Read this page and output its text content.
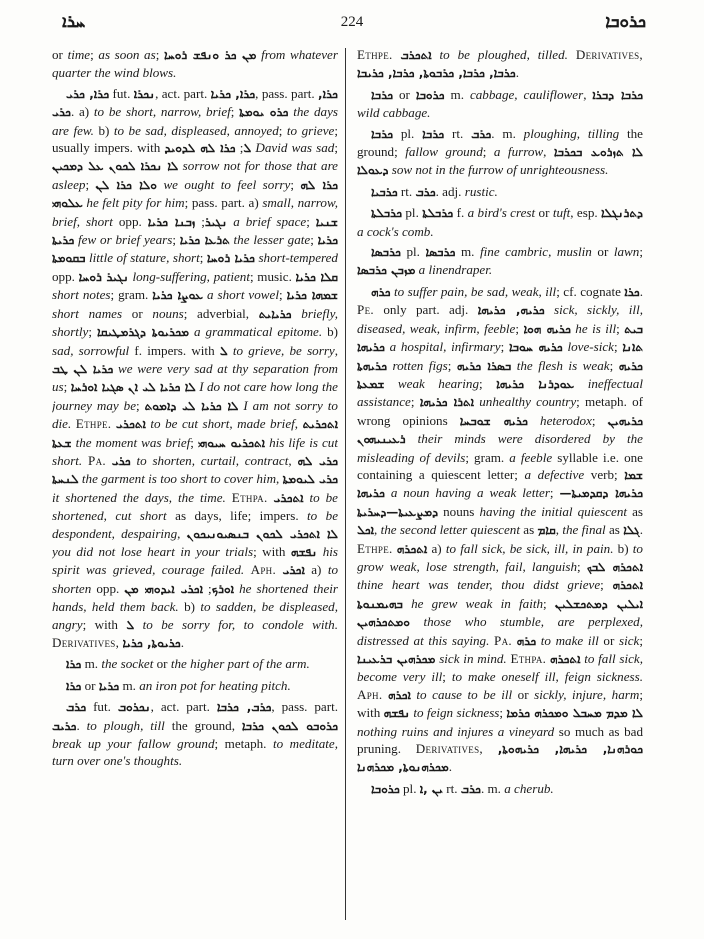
ܚܪܐ	224	ܟܪܘܒܐ

or time; as soon as; ܡܢ ܟܪ ܘܢܦܫ ܪܘܚܐ from whatever quarter the wind blows.

ܟܪܐ, ܟܪܝ fut. ܢܟܪܐ, act. part. ܟܪܐ, ܟܪܝܐ, pass. part. ܟܪܐ, ܟܪܝ. a) to be short, narrow, brief; ܟܪܘ ܝܘܡܬܐ the days are few. b) to be sad, displeased, annoyed; to grieve; usually impers. with	ܠ; ܟܪܐ ܠܗ ܠܕܘܝܕ David was sad; ܠܐ ܢܟܪܐ ܠܟܘܢ ܥܠ ܕܡܟܝܢ sorrow not for those that are asleep; ܘܠܐ ܟܪܐ ܠܢ we ought to feel sorry; ܟܪܐ ܠܗ ܥܠܘܗܝ he felt pity for him; pass. part. a) small, narrow, brief, short opp.	ܢܓܝܪ; ܙܒܢܐ ܟܪܝܐ	a brief space; ܫܢܝܐ ܟܪܝܬܐ few or brief years; ܬܪܥܐ ܟܪܝܐ the lesser gate; ܟܪܝܐ ܒܩܘܡܬܐ little of stature, short; ܟܪܝܐ ܪܘܚܐ short-tempered opp. ܢܓܝܪ ܪܘܚܐ long-suffering, patient; music. ܩܠܐ ܟܪܝܐ short notes; gram. ܥܘܨܐ ܟܪܝܐ a short vowel; ܫܡܗܐ ܟܪܝܐ short names or nouns; adverbial, ܟܪܝܐܝܬ briefly, shortly; ܡܟܪܝܘܬܐ ܕܓܪܡܛܝܩܐ a grammatical epitome. b) sad, sorrowful f. impers. with ܠ to grieve, be sorry, ܟܪܝܐ ܠܢ ܛܒ we were very sad at thy separation from us; ܠܐ ܟܪܝܐ ܠܝ ܐܢ ܣܓܝܐ ܐܘܪܚܐ I do not care how long the journey may be; ܠܐ ܟܪܝܐ ܠܝ ܕܐܡܘܬ I am not sorry to die. Ethpe. ܐܬܟܪܝ to be cut short, made brief, ܐܬܟܪܝܬ ܫܥܬܐ the moment was brief; ܐܬܟܪܝܘ ܚܝܘܗܝ his life is cut short. Pa. ܟܪܝ to shorten, curtail, contract, ܟܪܝ ܠܗ ܠܢܚܬܐ the garment is too short to cover him, ܟܪܝ ܠܝܘܡܬܐ it shortened the days, the time. Ethpa. ܐܬܟܪܝ to be shortened, cut short as days, life; impers. to be despondent, despairing, ܠܐ ܐܬܟܪܝ ܠܟܘܢ ܒܢܣܝܘܢܝܟܘܢ you did not lose heart in your trials; with ܢܦܫܗ his spirit was grieved, courage failed. Aph. ܐܟܪܝ a) to shorten opp.	ܐܘܪܟ; ܐܟܪܝ ܐܝܕܘܗܝ ܡܢ	he shortened their hands, held them back. b) to sadden, be displeased, angry; with ܠ to be sorry for, to condole with. Derivatives, ܟܪܝܘܬܐ, ܟܪܝܐ.

ܟܪܐ m. the socket or the higher part of the arm.

ܟܪܐ or ܟܪܝܐ m. an iron pot for heating pitch.

ܟܪܒ fut. ܢܟܪܘܒ, act. part. ܟܪܒ, ܟܪܒܐ, pass. part. ܟܪܝܒ. to plough, till the ground, ܟܪܘܒܘ ܠܟܘܢ ܟܪܒܐ break up your fallow ground; metaph. to meditate, turn over one's thoughts.

Ethpe. ܐܬܟܪܒ to be ploughed, tilled. Derivatives, ܟܪܒܐ, ܟܪܒܐ, ܟܪܒܘܬܐ, ܟܪܒܐ, ܟܪܝܒܐ.

ܟܪܒܐ or ܟܪܘܒܐ m. cabbage, cauliflower, ܟܪܒܐ ܕܒܪܐ wild cabbage.

ܟܪܒܐ pl. ܟܪܒܐ rt. ܟܪܒ. m. ploughing, tilling the ground; fallow ground; a furrow, ܠܐ ܬܙܪܘܥ ܒܟܪܒܐ ܕܥܘܠܐ sow not in the furrow of unrighteousness.

ܟܪܒܝܐ rt. ܟܪܒ. adj. rustic.

ܟܪܒܠܬܐ pl. ܟܪܒܠܬܐ f. a bird's crest or tuft, esp. ܕܬܪܢܓܠܐ a cock's comb.

ܟܪܒܣܐ pl. ܟܪܒܣܐ m. fine cambric, muslin or lawn; ܡܙܒܢ ܟܪܒܣܐ a linendraper.

ܟܪܗ to suffer pain, be sad, weak, ill; cf. cognate ܟܪܐ. Pe. only part. adj. ܟܪܝܗ, ܟܪܝܗܐ sick, sickly, ill, diseased, weak, infirm, feeble; ܟܪܝܗ ܗܘܐ he is ill; ܒܝܬ ܟܪܝܗܐ a hospital, infirmary; ܟܪܝܗ ܚܘܒܐ love-sick; ܬܐܢܐ ܟܪܝܗܬܐ rotten figs; ܒܣܪܐ ܟܪܝܗ the flesh is weak; ܟܪܝܗ ܫܡܥܬܐ weak hearing; ܥܘܕܪܢܐ ܟܪܝܗܐ ineffectual assistance; ܐܬܪܐ ܟܪܝܗܐ unhealthy country; metaph. of wrong opinions ܟܪܝܗ ܫܘܒܚܐ heterodox; ܟܪܝܗܝܢ ܪܥܝܢܝܗܘܢ their minds were disordered by the misleading of devils; gram. a feeble syllable i.e. one containing a quiescent letter; a defective verb; ܫܡܐ ܟܪܝܗܐ a noun having a weak letter; ܟܪܝܗܐ ܕܩܕܡܝܬܐ—ܕܡܨܥܝܬܐ—ܕܚܪܝܬܐ nouns having the initial quiescent as ܐܟܠ, the second letter quiescent as ܩܐܡ, the final as ܓܠܐ. Ethpe. ܐܬܟܪܗ a) to fall sick, be sick, ill, in pain. b) to grow weak, lose strength, fail, languish; ܐܬܟܪܗ ܠܒܟ thine heart was tender, thou didst grieve; ܐܬܟܪܗ ܒܗܝܡܢܘܬܐ he grew weak in faith; ܐܝܠܝܢ ܕܡܬܟܫܠܝܢ ܘܡܬܟܪܗܝܢ those who stumble, are perplexed, distressed at this saying. Pa. ܟܪܗ to make ill or sick; ܡܟܪܗܝܢ ܒܪܥܝܢܐ sick in mind. Ethpa. ܐܬܟܪܗ to fall sick, become very ill; to make oneself ill, feign sickness. Aph. ܐܟܪܗ to cause to be ill or sickly, injure, harm; with ܢܦܫܗ to feign sickness; ܠܐ ܡܕܡ ܡܚܒܠ ܘܡܟܪܗ ܟܪܡܐ nothing ruins and injures a vineyard so much as bad pruning. Derivatives, ܟܘܪܗܢܐ, ܟܪܝܗܐ, ܟܪܝܗܘܬܐ, ܡܟܪܗܢܘܬܐ, ܡܟܪܗܢܐ.

ܟܪܘܒܐ pl. ܝܢ ,ܐ rt. ܟܪܒ. m. a cherub.
